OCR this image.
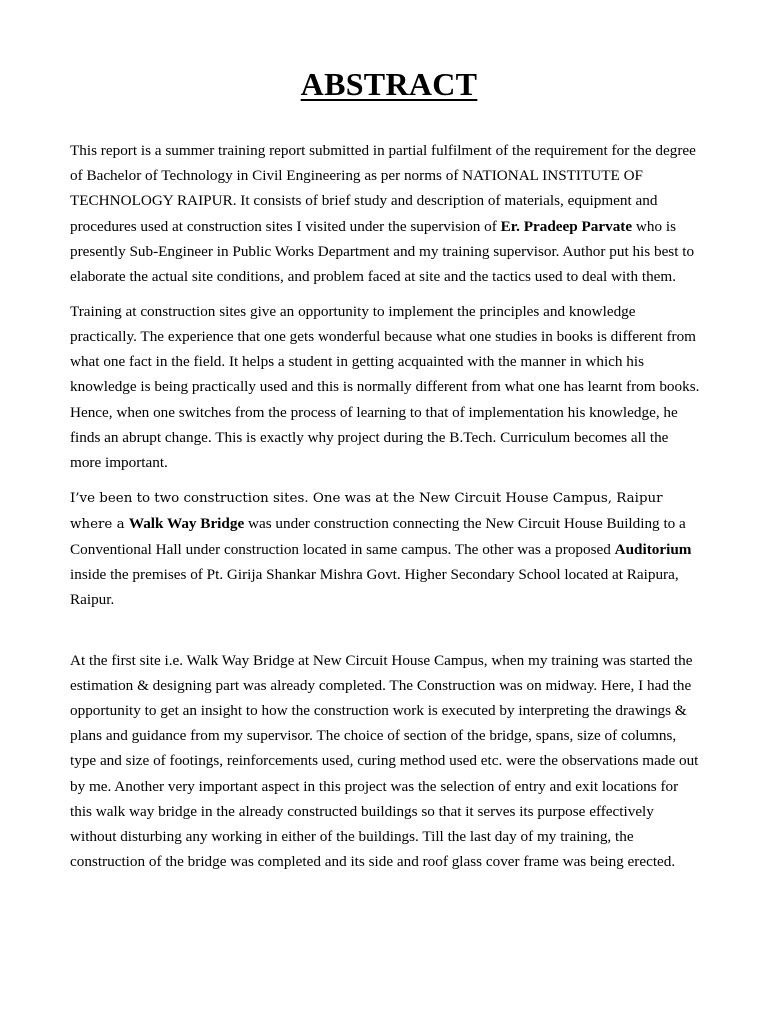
ABSTRACT

This report is a summer training report submitted in partial fulfilment of the requirement for the degree of Bachelor of Technology in Civil Engineering as per norms of NATIONAL INSTITUTE OF TECHNOLOGY RAIPUR. It consists of brief study and description of materials, equipment and procedures used at construction sites I visited under the supervision of Er. Pradeep Parvate who is presently Sub-Engineer in Public Works Department and my training supervisor. Author put his best to elaborate the actual site conditions, and problem faced at site and the tactics used to deal with them.

Training at construction sites give an opportunity to implement the principles and knowledge practically. The experience that one gets wonderful because what one studies in books is different from what one fact in the field. It helps a student in getting acquainted with the manner in which his knowledge is being practically used and this is normally different from what one has learnt from books. Hence, when one switches from the process of learning to that of implementation his knowledge, he finds an abrupt change. This is exactly why project during the B.Tech. Curriculum becomes all the more important.

I’ve been to two construction sites. One was at the New Circuit House Campus, Raipur where a Walk Way Bridge was under construction connecting the New Circuit House Building to a Conventional Hall under construction located in same campus. The other was a proposed Auditorium inside the premises of Pt. Girija Shankar Mishra Govt. Higher Secondary School located at Raipura, Raipur.

At the first site i.e. Walk Way Bridge at New Circuit House Campus, when my training was started the estimation & designing part was already completed. The Construction was on midway. Here, I had the opportunity to get an insight to how the construction work is executed by interpreting the drawings & plans and guidance from my supervisor. The choice of section of the bridge, spans, size of columns, type and size of footings, reinforcements used, curing method used etc. were the observations made out by me. Another very important aspect in this project was the selection of entry and exit locations for this walk way bridge in the already constructed buildings so that it serves its purpose effectively without disturbing any working in either of the buildings. Till the last day of my training, the construction of the bridge was completed and its side and roof glass cover frame was being erected.
